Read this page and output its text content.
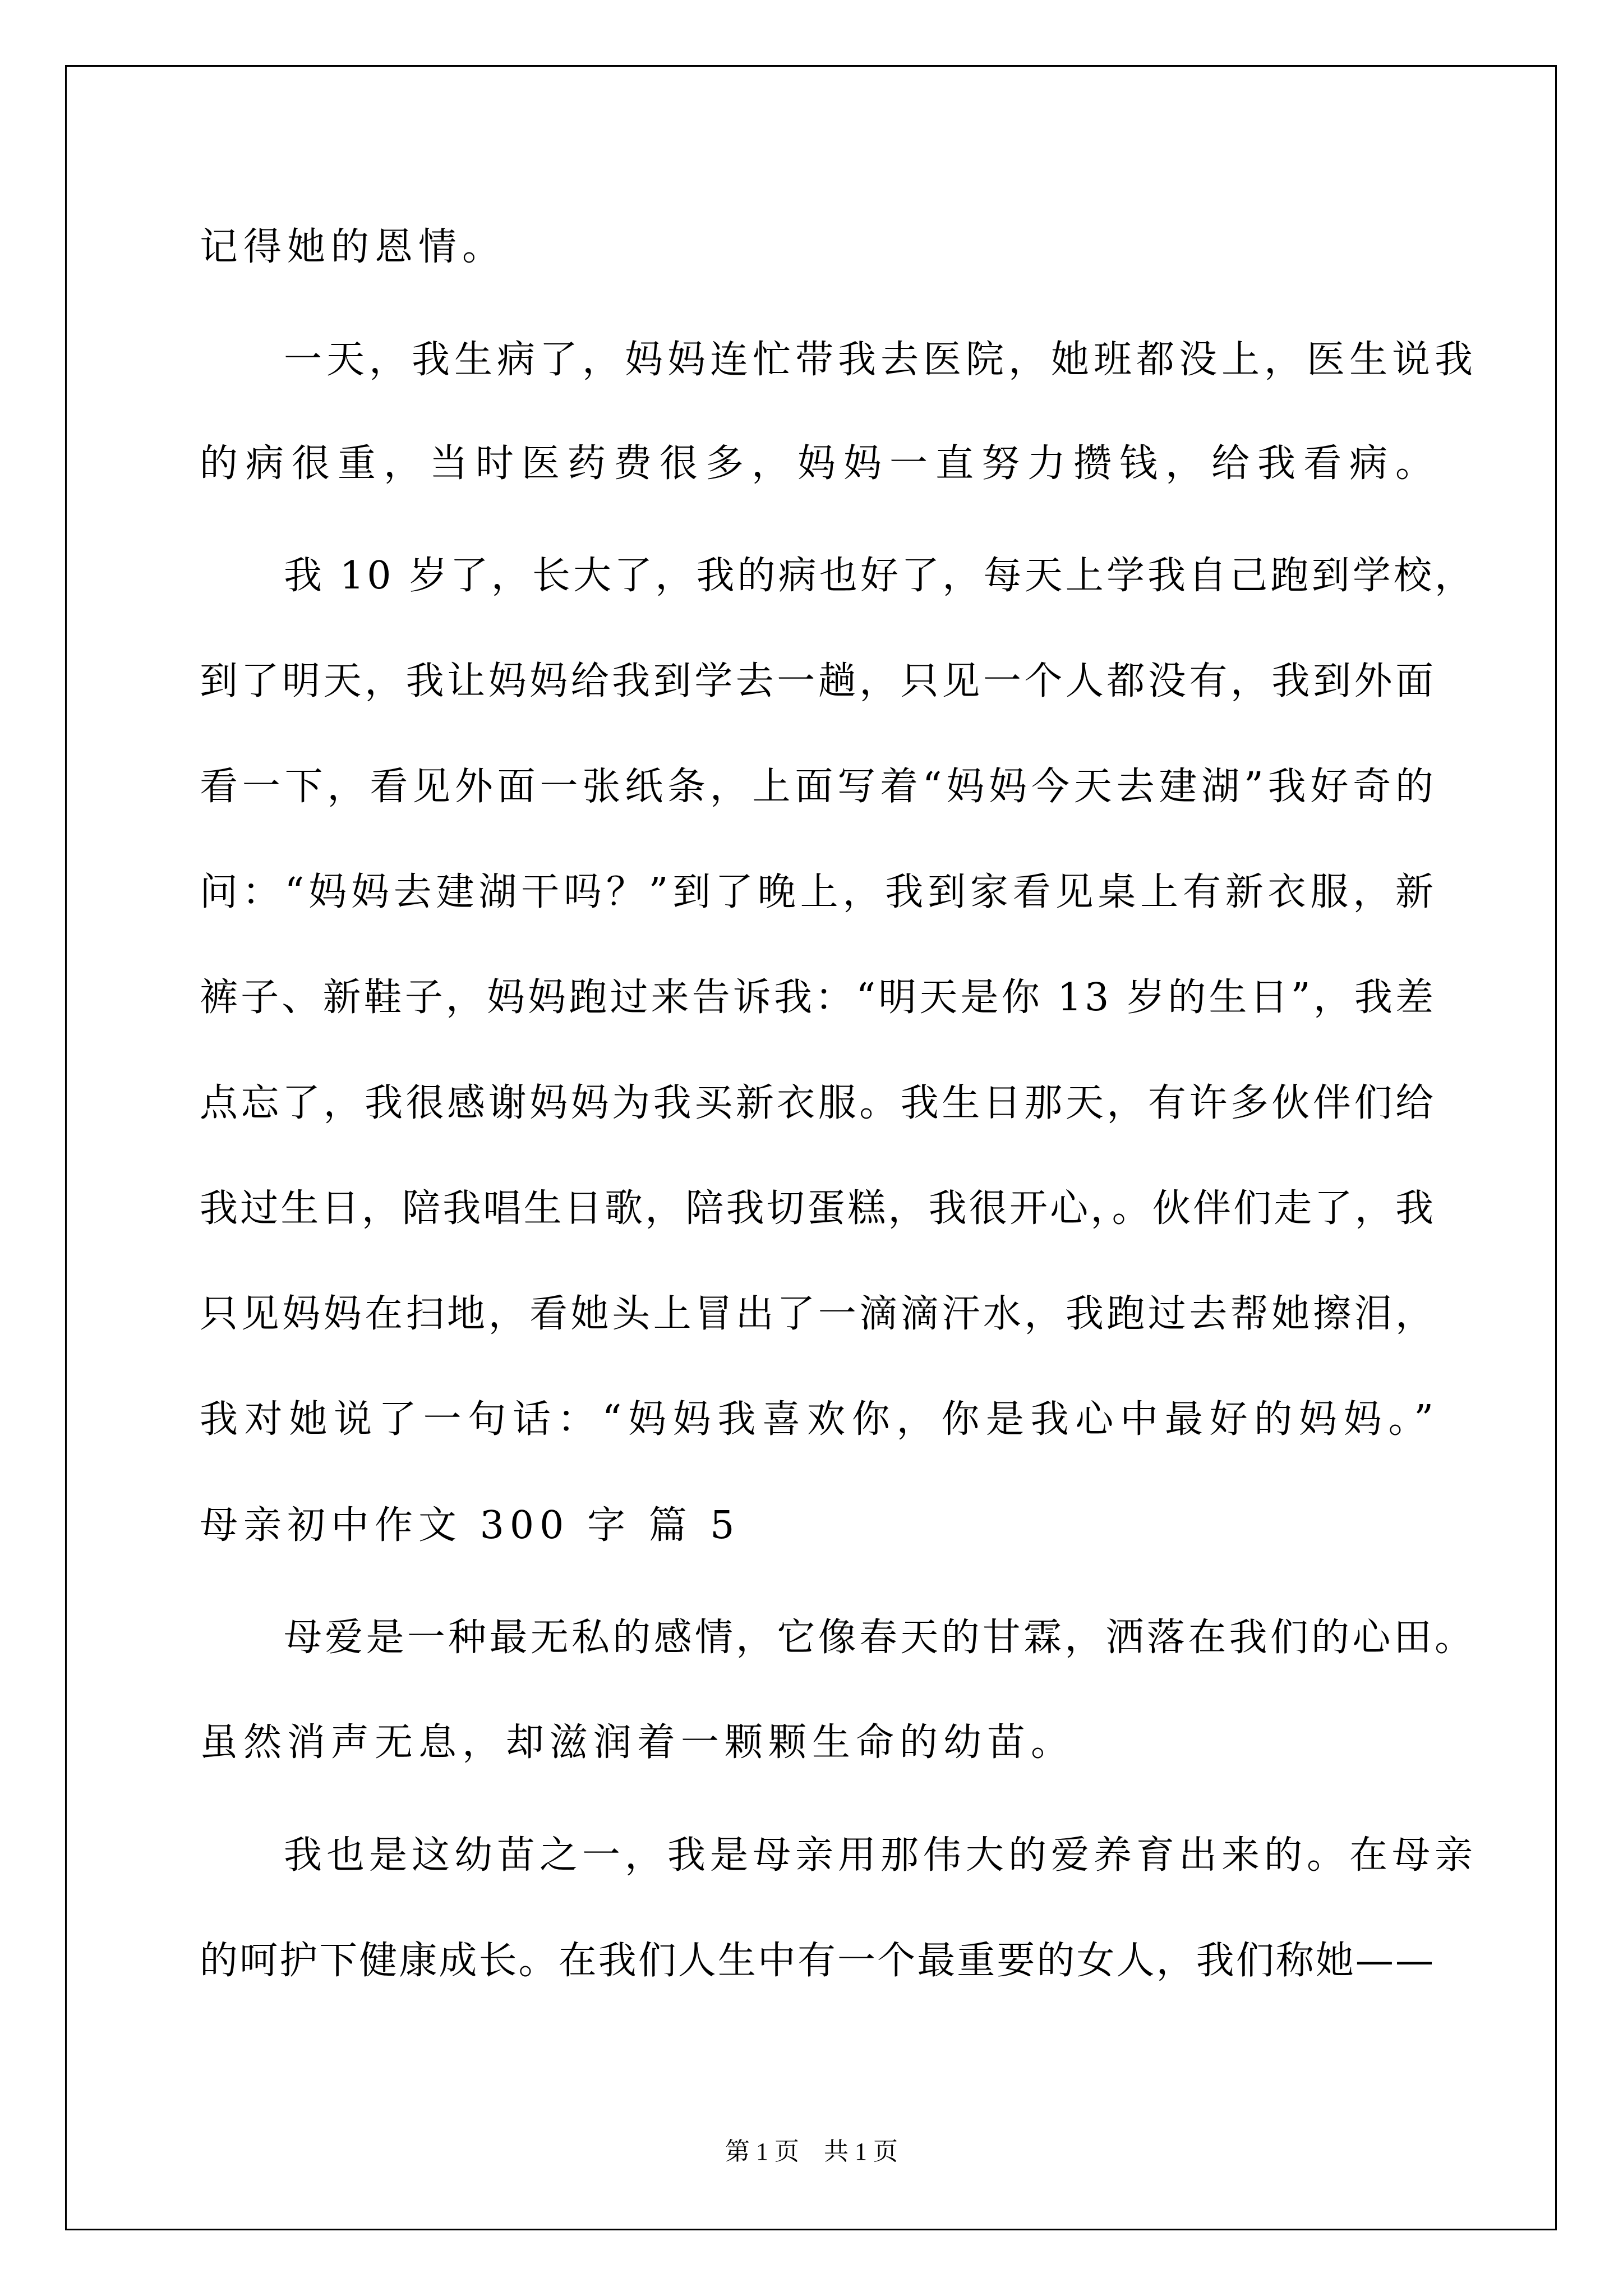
记得她的恩情。
一天，我生病了，妈妈连忙带我去医院，她班都没上，医生说我
的病很重，当时医药费很多，妈妈一直努力攒钱，给我看病。
我 10 岁了，长大了，我的病也好了，每天上学我自己跑到学校，
到了明天，我让妈妈给我到学去一趟，只见一个人都没有，我到外面
看一下，看见外面一张纸条，上面写着“妈妈今天去建湖”我好奇的
问：“妈妈去建湖干吗？”到了晚上，我到家看见桌上有新衣服，新
裤子、新鞋子，妈妈跑过来告诉我：“明天是你 13 岁的生日”，我差
点忘了，我很感谢妈妈为我买新衣服。我生日那天，有许多伙伴们给
我过生日，陪我唱生日歌，陪我切蛋糕，我很开心，。伙伴们走了，我
只见妈妈在扫地，看她头上冒出了一滴滴汗水，我跑过去帮她擦泪，
我对她说了一句话：“妈妈我喜欢你，你是我心中最好的妈妈。”
母亲初中作文 300 字 篇 5
母爱是一种最无私的感情，它像春天的甘霖，洒落在我们的心田。
虽然消声无息，却滋润着一颗颗生命的幼苗。
我也是这幼苗之一，我是母亲用那伟大的爱养育出来的。在母亲
的呵护下健康成长。在我们人生中有一个最重要的女人，我们称她——
第 1 页 共 1 页
